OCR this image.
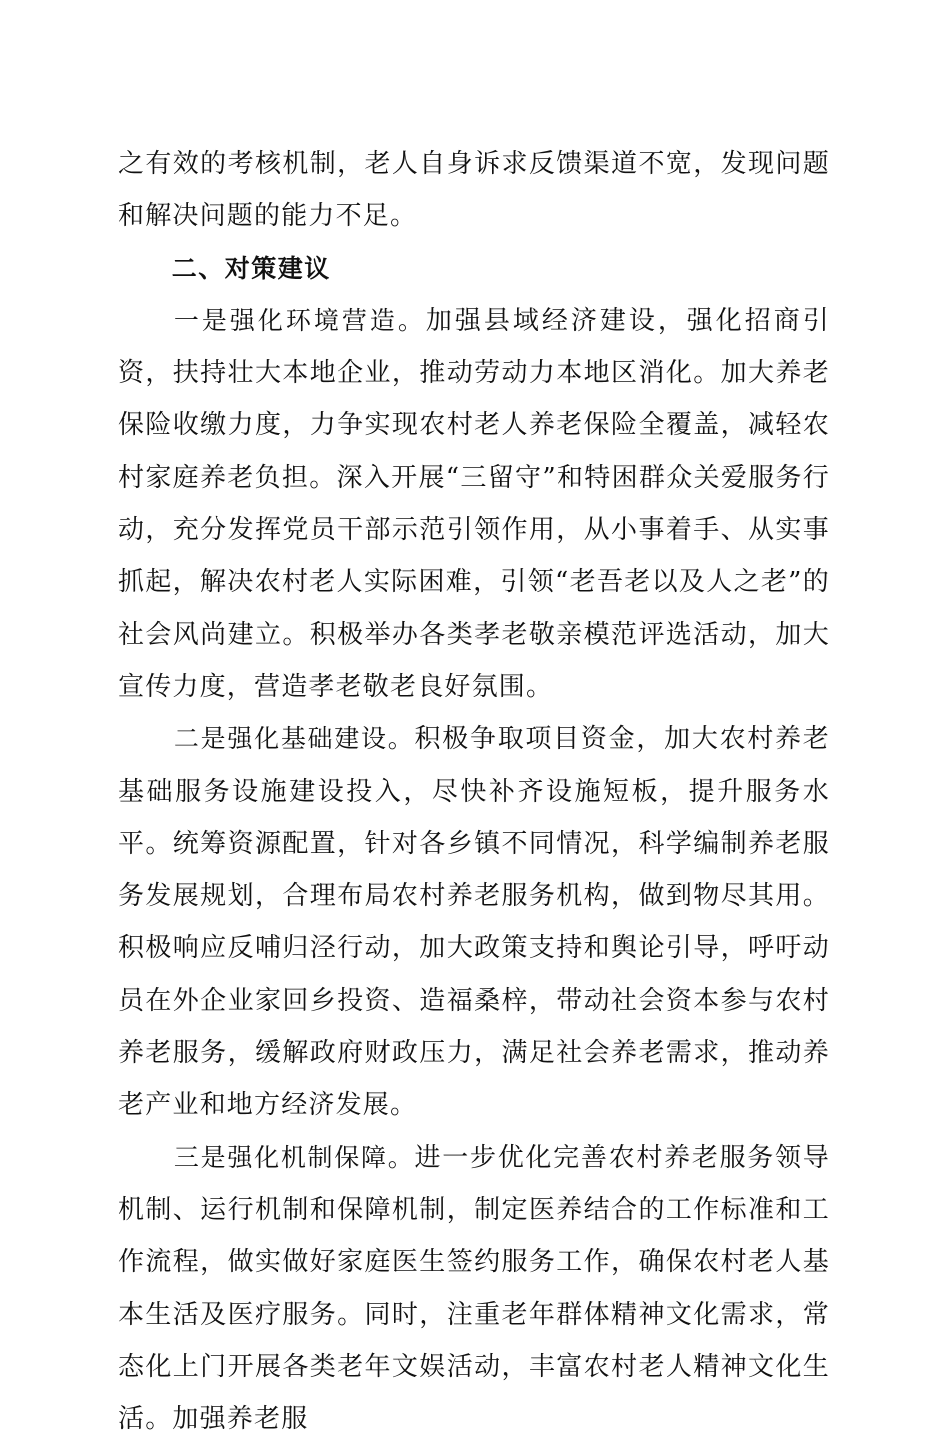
之有效的考核机制，老人自身诉求反馈渠道不宽，发现问题和解决问题的能力不足。

二、对策建议

一是强化环境营造。加强县域经济建设，强化招商引资，扶持壮大本地企业，推动劳动力本地区消化。加大养老保险收缴力度，力争实现农村老人养老保险全覆盖，减轻农村家庭养老负担。深入开展“三留守”和特困群众关爱服务行动，充分发挥党员干部示范引领作用，从小事着手、从实事抓起，解决农村老人实际困难，引领“老吾老以及人之老”的社会风尚建立。积极举办各类孝老敬亲模范评选活动，加大宣传力度，营造孝老敬老良好氛围。

二是强化基础建设。积极争取项目资金，加大农村养老基础服务设施建设投入，尽快补齐设施短板，提升服务水平。统筹资源配置，针对各乡镇不同情况，科学编制养老服务发展规划，合理布局农村养老服务机构，做到物尽其用。积极响应反哺归泾行动，加大政策支持和舆论引导，呼吁动员在外企业家回乡投资、造福桑梓，带动社会资本参与农村养老服务，缓解政府财政压力，满足社会养老需求，推动养老产业和地方经济发展。

三是强化机制保障。进一步优化完善农村养老服务领导机制、运行机制和保障机制，制定医养结合的工作标准和工作流程，做实做好家庭医生签约服务工作，确保农村老人基本生活及医疗服务。同时，注重老年群体精神文化需求，常态化上门开展各类老年文娱活动，丰富农村老人精神文化生活。加强养老服
